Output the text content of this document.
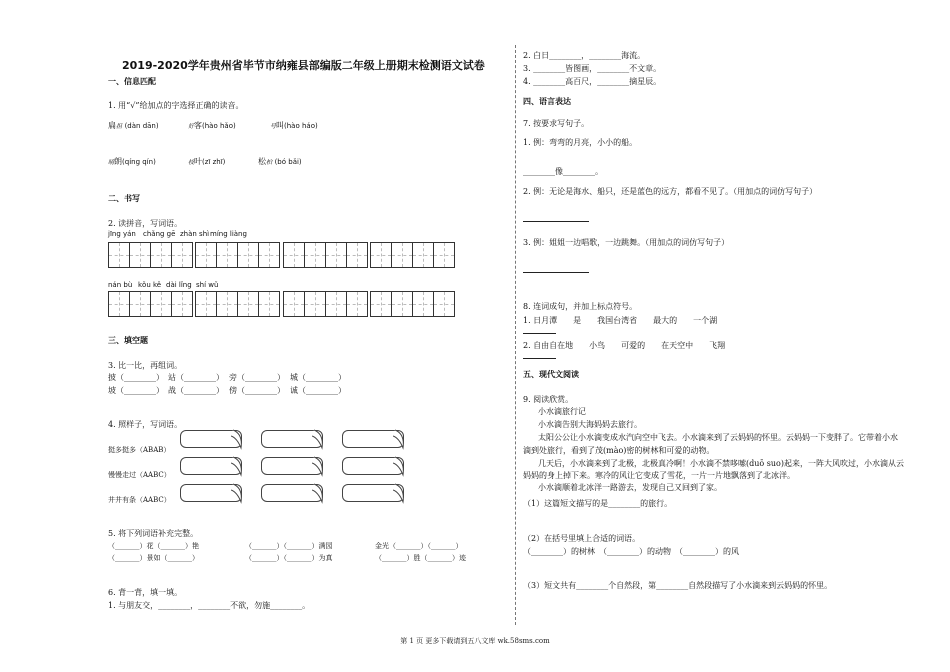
2019-2020学年贵州省毕节市纳雍县部编版二年级上册期末检测语文试卷
一、信息匹配
1. 用“√”给加点的字选择正确的读音。
扁担 (dàn dān)	好客(hào hǎo)	号叫(hào háo)
晴朗(qíng qín)	枝叶(zī zhī)	松柏 (bó bǎi)
二、书写
2. 读拼音，写词语。
jīng yán chǎng gē zhàn shì míng liàng
nán bù kǒu kě dài lǐng shí wǔ
三、填空题
3. 比一比，再组词。
披（________） 站（________） 旁（________） 城（________）
坡（________） 战（________） 傍（________） 诚（________）
4. 照样子，写词语。
挺多挺多（ABAB）
慢慢走过（AABC）
井井有条（AABC）
5. 将下列词语补充完整。
（_______）花（_______）艳	（_______）（_______）满园	金光（_______）（_______）
（_______）景如（_______）	（_______）（_______）为真	（_______）胜（_______）迹
6. 背一背，填一填。
1. 与朋友交，________，________不欲，勿施________。
2. 白日________，________海流。
3. ________皆图画，________不文章。
4. ________高百尺，________摘星辰。
四、语言表达
7. 按要求写句子。
1. 例：弯弯的月亮，小小的船。
________像________。
2. 例：无论是海水、船只，还是蓝色的远方，都看不见了。（用加点的词仿写句子）
3. 例：姐姐一边唱歌，一边跳舞。（用加点的词仿写句子）
8. 连词成句，并加上标点符号。
1. 日月潭　　是　　我国台湾省　　最大的　　一个湖
2. 自由自在地　　小鸟　　可爱的　　在天空中　　飞翔
五、现代文阅读
9. 阅读欣赏。
小水滴旅行记
小水滴告别大海妈妈去旅行。
太阳公公让小水滴变成水汽向空中飞去。小水滴来到了云妈妈的怀里。云妈妈一下变胖了。它带着小水
滴到处旅行，看到了茂(mào)密的树林和可爱的动物。
几天后，小水滴来到了北极，北极真冷啊！小水滴不禁哆嗦(duō suo)起来，一阵大风吹过，小水滴从云
妈妈的身上掉下来。寒冷的风让它变成了雪花，一片一片地飘落到了北冰洋。
小水滴顺着北冰洋一路游去，发现自己又回到了家。
（1）这篇短文描写的是________的旅行。
（2）在括号里填上合适的词语。
（________）的树林　（________）的动物　（________）的风
（3）短文共有________个自然段，第________自然段描写了小水滴来到云妈妈的怀里。
第 1 页 更多下载请到五八文库 wk.58sms.com
